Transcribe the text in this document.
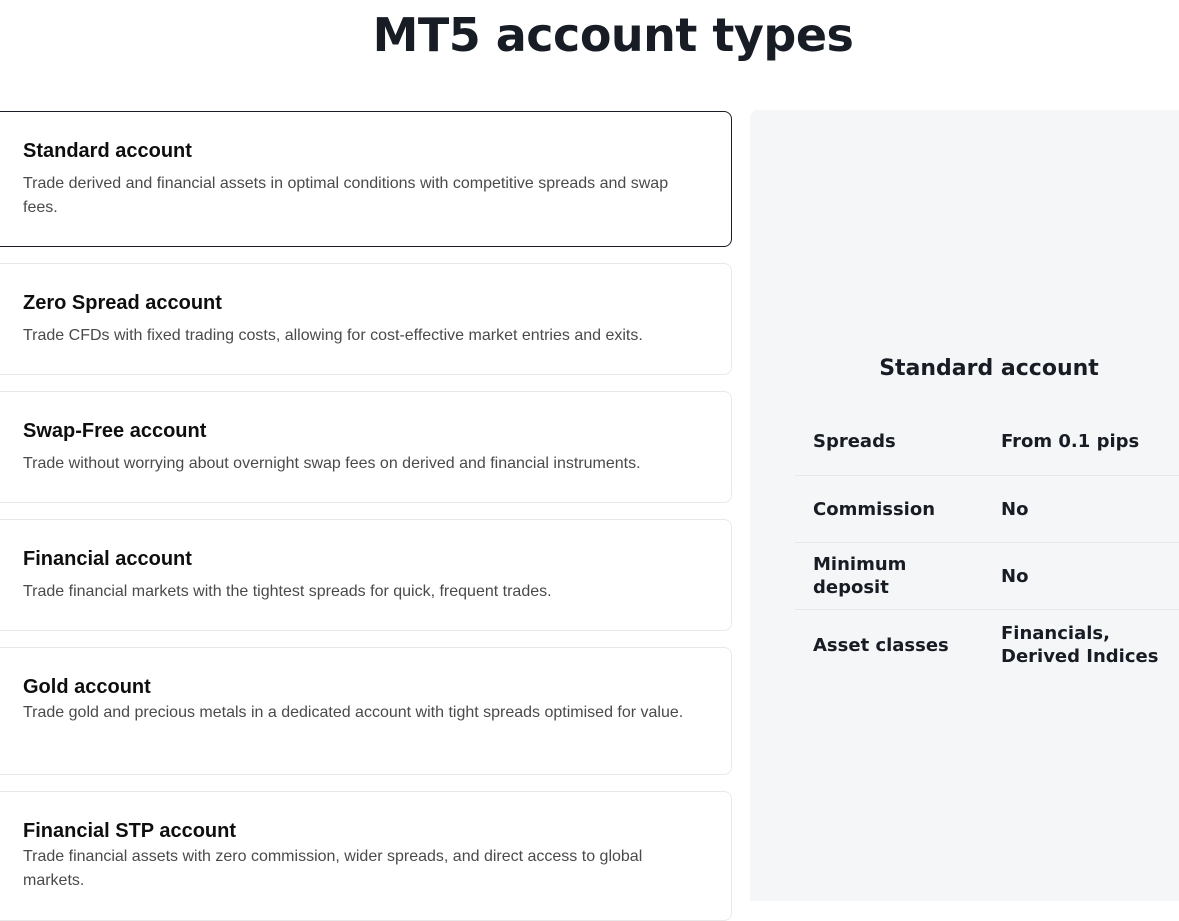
MT5 account types
Standard account

Trade derived and financial assets in optimal conditions with competitive spreads and swap fees.

Zero Spread account

Trade CFDs with fixed trading costs, allowing for cost-effective market entries and exits.

Swap-Free account

Trade without worrying about overnight swap fees on derived and financial instruments.

Financial account

Trade financial markets with the tightest spreads for quick, frequent trades.

Gold account

Trade gold and precious metals in a dedicated account with tight spreads optimised for value.

Financial STP account

Trade financial assets with zero commission, wider spreads, and direct access to global markets.

Standard account
Spreads	From 0.1 pips
Commission	No
Minimum deposit
No
Asset classes
Financials, Derived Indices
